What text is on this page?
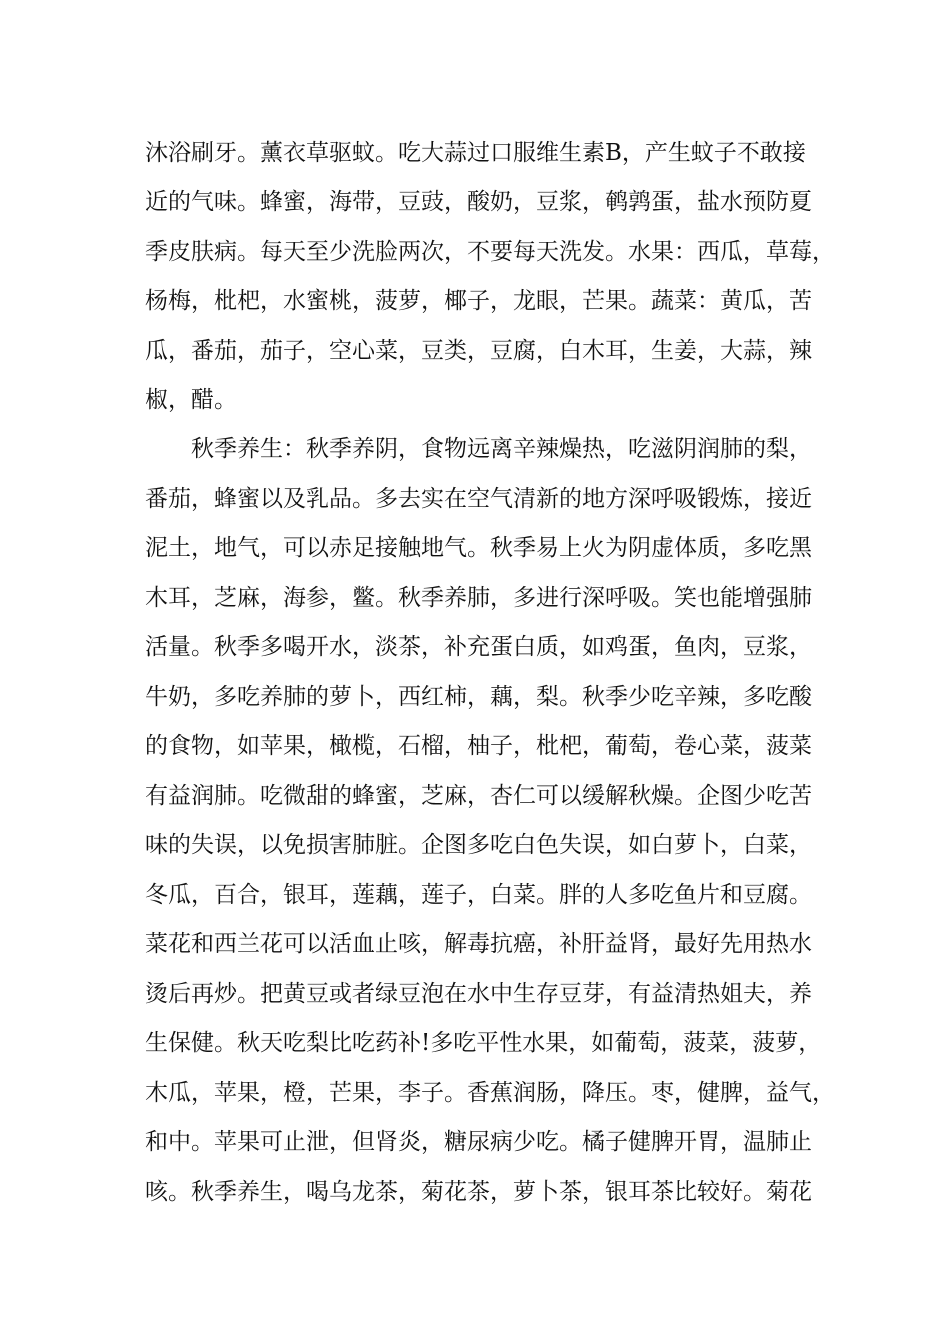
沐浴刷牙。薰衣草驱蚊。吃大蒜过口服维生素B，产生蚊子不敢接
近的气味。蜂蜜，海带，豆豉，酸奶，豆浆，鹌鹑蛋，盐水预防夏
季皮肤病。每天至少洗脸两次，不要每天洗发。水果：西瓜，草莓，
杨梅，枇杷，水蜜桃，菠萝，椰子，龙眼，芒果。蔬菜：黄瓜，苦
瓜，番茄，茄子，空心菜，豆类，豆腐，白木耳，生姜，大蒜，辣
椒，醋。
秋季养生：秋季养阴，食物远离辛辣燥热，吃滋阴润肺的梨，
番茄，蜂蜜以及乳品。多去实在空气清新的地方深呼吸锻炼，接近
泥土，地气，可以赤足接触地气。秋季易上火为阴虚体质，多吃黑
木耳，芝麻，海参，鳖。秋季养肺，多进行深呼吸。笑也能增强肺
活量。秋季多喝开水，淡茶，补充蛋白质，如鸡蛋，鱼肉，豆浆，
牛奶，多吃养肺的萝卜，西红柿，藕，梨。秋季少吃辛辣，多吃酸
的食物，如苹果，橄榄，石榴，柚子，枇杷，葡萄，卷心菜，菠菜
有益润肺。吃微甜的蜂蜜，芝麻，杏仁可以缓解秋燥。企图少吃苦
味的失误，以免损害肺脏。企图多吃白色失误，如白萝卜，白菜，
冬瓜，百合，银耳，莲藕，莲子，白菜。胖的人多吃鱼片和豆腐。
菜花和西兰花可以活血止咳，解毒抗癌，补肝益肾，最好先用热水
烫后再炒。把黄豆或者绿豆泡在水中生存豆芽，有益清热姐夫，养
生保健。秋天吃梨比吃药补!多吃平性水果，如葡萄，菠菜，菠萝，
木瓜，苹果，橙，芒果，李子。香蕉润肠，降压。枣，健脾，益气，
和中。苹果可止泄，但肾炎，糖尿病少吃。橘子健脾开胃，温肺止
咳。秋季养生，喝乌龙茶，菊花茶，萝卜茶，银耳茶比较好。菊花
